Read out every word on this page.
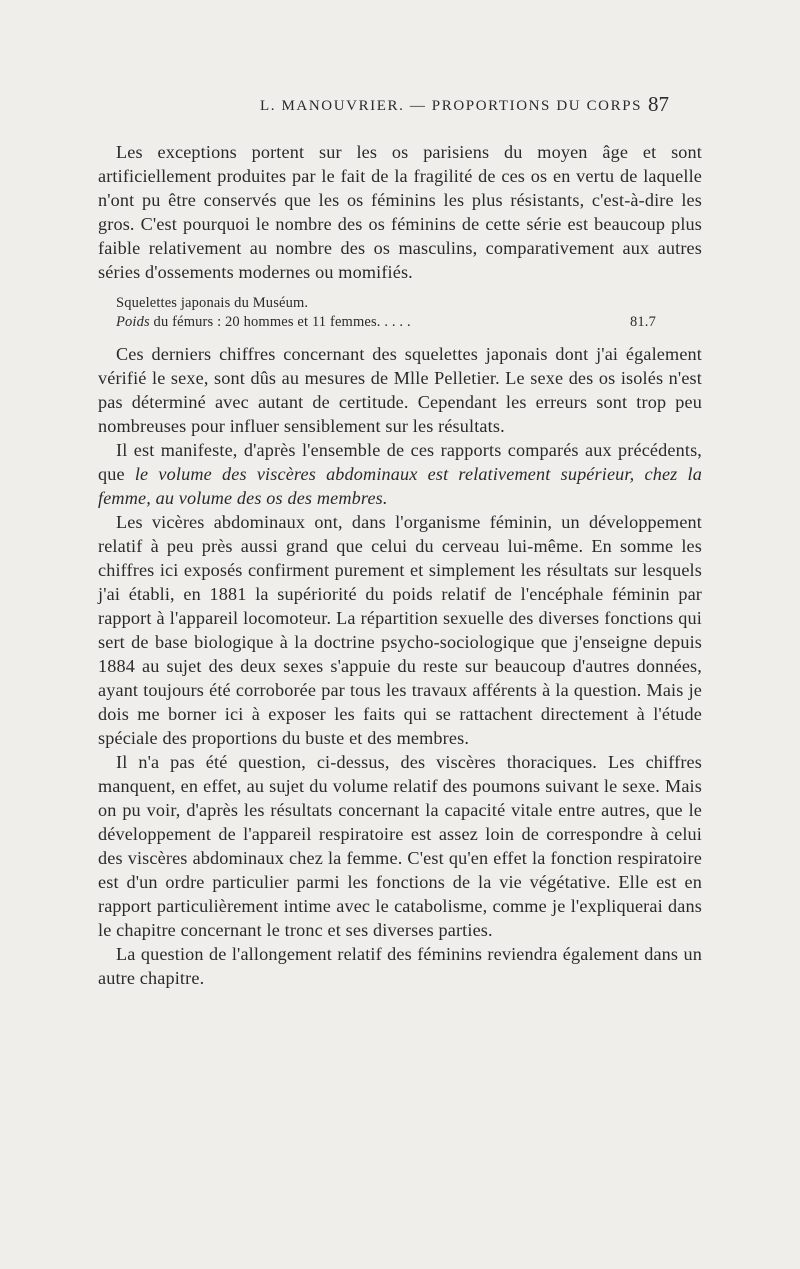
L. MANOUVRIER. — PROPORTIONS DU CORPS 87

Les exceptions portent sur les os parisiens du moyen âge et sont artificiellement produites par le fait de la fragilité de ces os en vertu de laquelle n'ont pu être conservés que les os féminins les plus résistants, c'est-à-dire les gros. C'est pourquoi le nombre des os féminins de cette série est beaucoup plus faible relativement au nombre des os masculins, comparativement aux autres séries d'ossements modernes ou momifiés.

Squelettes japonais du Muséum.
Poids du fémurs : 20 hommes et 11 femmes. . . . .	81.7

Ces derniers chiffres concernant des squelettes japonais dont j'ai également vérifié le sexe, sont dûs au mesures de Mlle Pelletier. Le sexe des os isolés n'est pas déterminé avec autant de certitude. Cependant les erreurs sont trop peu nombreuses pour influer sensiblement sur les résultats.

Il est manifeste, d'après l'ensemble de ces rapports comparés aux précédents, que le volume des viscères abdominaux est relativement supérieur, chez la femme, au volume des os des membres.

Les vicères abdominaux ont, dans l'organisme féminin, un développement relatif à peu près aussi grand que celui du cerveau lui-même. En somme les chiffres ici exposés confirment purement et simplement les résultats sur lesquels j'ai établi, en 1881 la supériorité du poids relatif de l'encéphale féminin par rapport à l'appareil locomoteur. La répartition sexuelle des diverses fonctions qui sert de base biologique à la doctrine psycho-sociologique que j'enseigne depuis 1884 au sujet des deux sexes s'appuie du reste sur beaucoup d'autres données, ayant toujours été corroborée par tous les travaux afférents à la question. Mais je dois me borner ici à exposer les faits qui se rattachent directement à l'étude spéciale des proportions du buste et des membres.

Il n'a pas été question, ci-dessus, des viscères thoraciques. Les chiffres manquent, en effet, au sujet du volume relatif des poumons suivant le sexe. Mais on pu voir, d'après les résultats concernant la capacité vitale entre autres, que le développement de l'appareil respiratoire est assez loin de correspondre à celui des viscères abdominaux chez la femme. C'est qu'en effet la fonction respiratoire est d'un ordre particulier parmi les fonctions de la vie végétative. Elle est en rapport particulièrement intime avec le catabolisme, comme je l'expliquerai dans le chapitre concernant le tronc et ses diverses parties.

La question de l'allongement relatif des féminins reviendra également dans un autre chapitre.
